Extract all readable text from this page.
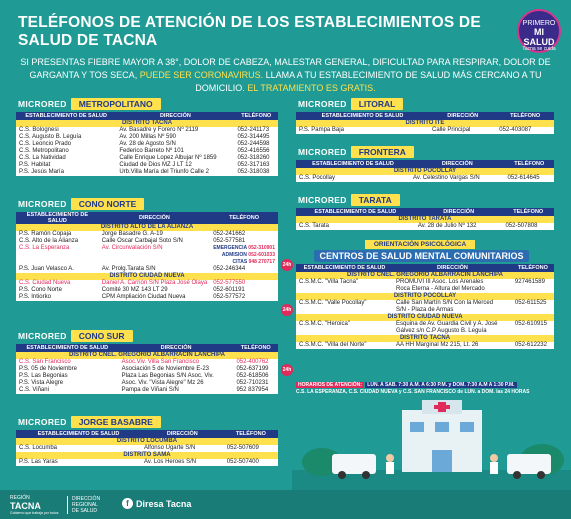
TELÉFONOS DE ATENCIÓN DE LOS ESTABLECIMIENTOS DE SALUD DE TACNA
PRIMERO
MI SALUD
Tacna se cuida
SI PRESENTAS FIEBRE MAYOR A 38°, DOLOR DE CABEZA, MALESTAR GENERAL, DIFICULTAD PARA RESPIRAR, DOLOR DE GARGANTA Y TOS SECA, PUEDE SER CORONAVIRUS. LLAMA A TU ESTABLECIMIENTO DE SALUD MÁS CERCANO A TU DOMICILIO. EL TRATAMIENTO ES GRATIS.
MICRORED	METROPOLITANO
ESTABLECIMIENTO DE SALUD	DIRECCIÓN	TELÉFONO
DISTRITO TACNA		
C.S. Bolognesi	Av. Basadre y Forero Nº 2119	052-241173
C.S. Augusto B. Leguía	Av. 200 Millas Nº 590	052-314495
C.S. Leoncio Prado	Av. 28 de Agosto S/N	052-244598
C.S. Metropolitano	Federico Barreto Nº 101	052-416556
C.S. La Natividad	Calle Enrique Lopez Albujar Nº 1859	052-318260
P.S. Habitat	Ciudad de Dios MZ J LT 12	052-317163
P.S. Jesús María	Urb.Villa María del Triunfo Calle 2	052-318038
MICRORED	CONO NORTE
ESTABLECIMIENTO DE SALUD	DIRECCIÓN	TELÉFONO
DISTRITO ALTO DE LA ALIANZA		
P.S. Ramón Copaja	Jorge Basadre G. A-19	052-241662
C.S. Alto de la Alianza	Calle Oscar Carbajal Soto S/N	052-577581
C.S. La Esperanza	Av. Circunvalación S/N	EMERGENCIA 052-310901
		ADMISION 052-601033
		CITAS 948 270717
P.S. Juan Velasco A.	Av. Prolg.Tarata S/N	052-246344
DISTRITO CIUDAD NUEVA		
C.S. Ciudad Nueva	Daniel A. Carrión S/N Plaza José Olaya	052-577550
P.S. Cono Norte	Comité 30 MZ 143 LT 29	052-601191
P.S. Intiorko	CPM Ampliación Ciudad Nueva	052-577572
24h
24h
MICRORED	CONO SUR
ESTABLECIMIENTO DE SALUD	DIRECCIÓN	TELÉFONO
DISTRITO CNEL. GREGORIO ALBARRACÍN LANCHIPA		
C.S. San Francisco	Asoc.Viv. Villa San Francisco	052-400762
P.S. 05 de Noviembre	Asociación 5 de Noviembre E-23	052-637199
P.S. Las Begonias	Plaza Las Begonias S/N Asoc. Viv.	052-618506
P.S. Vista Alegre	Asoc. Viv. "Vista Alegre" Mz 26	052-710231
C.S. Viñani	Pampa de Viñani S/N	952 837954
24h
MICRORED	JORGE BASABRE
ESTABLECIMIENTO DE SALUD	DIRECCIÓN	TELÉFONO
DISTRITO LOCUMBA		
C.S. Locumba	Alfonso Ugarte S/N	052-507609
DISTRITO SAMA		
P.S. Las Yaras	Av. Los Heroes S/N	052-507400
MICRORED	LITORAL
ESTABLECIMIENTO DE SALUD	DIRECCIÓN	TELÉFONO
DISTRITO ITE		
P.S. Pampa Baja	Calle Principal	052-403087
MICRORED	FRONTERA
ESTABLECIMIENTO DE SALUD	DIRECCIÓN	TELÉFONO
DISTRITO POCOLLAY		
C.S. Pocollay	Av. Celestino Vargas S/N	052-614645
MICRORED	TARATA
ESTABLECIMIENTO DE SALUD	DIRECCIÓN	TELÉFONO
DISTRITO TARATA		
C.S. Tarata	Av. 28 de Julio Nº 132	052-507808
ORIENTACIÓN PSICOLÓGICA
CENTROS DE SALUD MENTAL COMUNITARIOS
ESTABLECIMIENTO DE SALUD	DIRECCIÓN	TELÉFONO
DISTRITO CNEL. GREGORIO ALBARRACÍN LANCHIPA		
C.S.M.C. "Villa Tacna"	PROMUVI III Asoc. Los Arenales	927461589
	Roca Eterna - Altura del Mercado	
DISTRITO POCOLLAY		
C.S.M.C. "Valle Pocollay"	Calle San Martín S/N Con la Merced	052-611525
	S/N - Plaza de Armas	
DISTRITO CIUDAD NUEVA		
C.S.M.C. "Heroica"	Esquina de Av. Guardia Civil y A. José	052-610915
	Gálvez s/n C.P Augusto B. Leguía	
DISTRITO TACNA		
C.S.M.C. "Villa del Norte"	AA HH Marginal Mz 215, Lt. 26	052-612232
HORARIOS DE ATENCIÓN: LUN. A SAB. 7:30 A.M. A 6:30 P.M. y DOM. 7:30 A.M A 1:30 P.M.
C.S. LA ESPERANZA, C.S. CIUDAD NUEVA y C.S. SAN FRANCISCO de LUN. a DOM. las 24 HORAS
REGIÓN
TACNA
Gobierno que trabaja por todos
DIRECCIÓN
REGIONAL
DE SALUD
f Diresa Tacna
